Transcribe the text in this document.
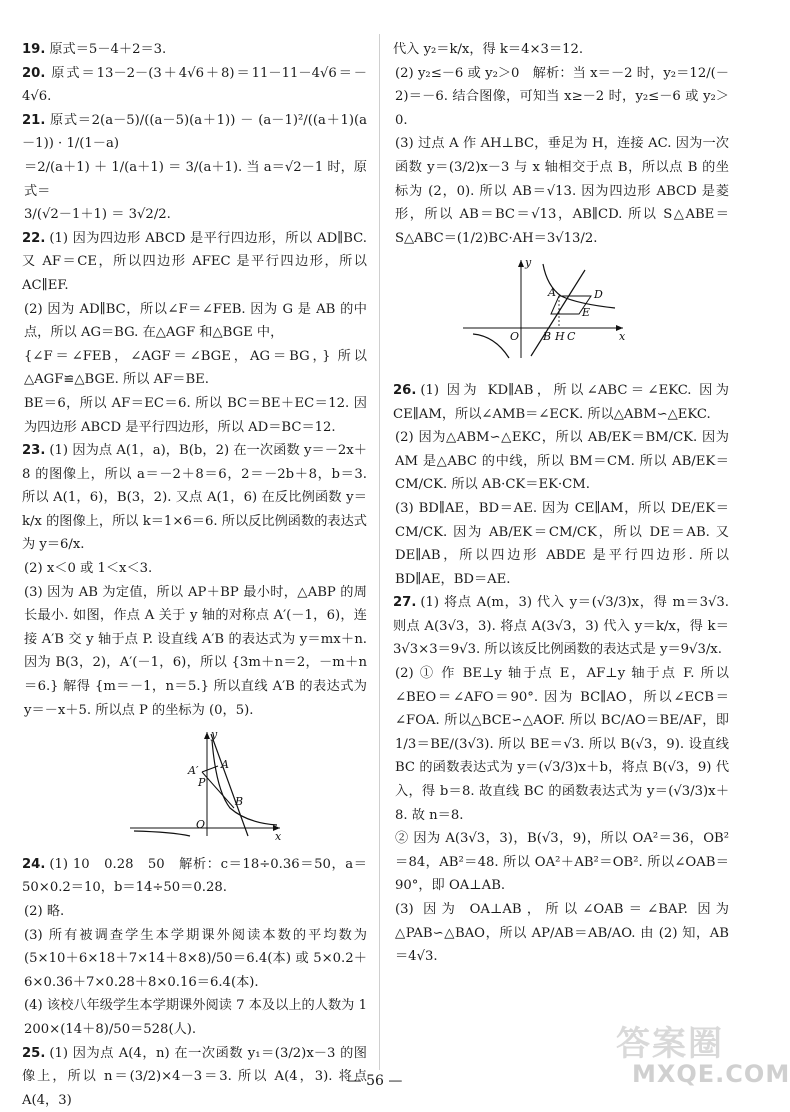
19. 原式＝5－4＋2＝3.
20. 原式＝13－2－(3＋4√6＋8)＝11－11－4√6＝－4√6.
21. 原式＝2(a－5)/((a－5)(a＋1)) － (a－1)²/((a＋1)(a－1)) · 1/(1－a)
＝2/(a＋1) ＋ 1/(a＋1) ＝ 3/(a＋1). 当 a＝√2－1 时，原式＝
3/(√2－1＋1) ＝ 3√2/2.
22. (1) 因为四边形 ABCD 是平行四边形，所以 AD∥BC. 又 AF＝CE，所以四边形 AFEC 是平行四边形，所以 AC∥EF.
(2) 因为 AD∥BC，所以∠F＝∠FEB. 因为 G 是 AB 的中点，所以 AG＝BG. 在△AGF 和△BGE 中，
{∠F＝∠FEB，∠AGF＝∠BGE，AG＝BG，} 所以△AGF≌△BGE. 所以 AF＝BE.
BE＝6，所以 AF＝EC＝6. 所以 BC＝BE＋EC＝12. 因为四边形 ABCD 是平行四边形，所以 AD＝BC＝12.
23. (1) 因为点 A(1，a)，B(b，2) 在一次函数 y＝－2x＋8 的图像上，所以 a＝－2＋8＝6，2＝－2b＋8，b＝3. 所以 A(1，6)，B(3，2). 又点 A(1，6) 在反比例函数 y＝k/x 的图像上，所以 k＝1×6＝6. 所以反比例函数的表达式为 y＝6/x.
(2) x＜0 或 1＜x＜3.
(3) 因为 AB 为定值，所以 AP＋BP 最小时，△ABP 的周长最小. 如图，作点 A 关于 y 轴的对称点 A′(－1，6)，连接 A′B 交 y 轴于点 P. 设直线 A′B 的表达式为 y＝mx＋n. 因为 B(3，2)，A′(－1，6)，所以 {3m＋n＝2，－m＋n＝6.} 解得 {m＝－1，n＝5.} 所以直线 A′B 的表达式为 y＝－x＋5. 所以点 P 的坐标为 (0，5).
y
x
O
A′ A
P
B
24. (1) 10　0.28　50　解析：c＝18÷0.36＝50，a＝50×0.2＝10，b＝14÷50＝0.28.
(2) 略.
(3) 所有被调查学生本学期课外阅读本数的平均数为 (5×10＋6×18＋7×14＋8×8)/50＝6.4(本) 或 5×0.2＋6×0.36＋7×0.28＋8×0.16＝6.4(本).
(4) 该校八年级学生本学期课外阅读 7 本及以上的人数为 1 200×(14＋8)/50＝528(人).
25. (1) 因为点 A(4，n) 在一次函数 y₁＝(3/2)x－3 的图像上，所以 n＝(3/2)×4－3＝3. 所以 A(4，3). 将点 A(4，3)
代入 y₂＝k/x，得 k＝4×3＝12.
(2) y₂≤－6 或 y₂＞0　解析：当 x＝－2 时，y₂＝12/(－2)＝－6. 结合图像，可知当 x≥－2 时，y₂≤－6 或 y₂＞0.
(3) 过点 A 作 AH⊥BC，垂足为 H，连接 AC. 因为一次函数 y＝(3/2)x－3 与 x 轴相交于点 B，所以点 B 的坐标为 (2，0). 所以 AB＝√13. 因为四边形 ABCD 是菱形，所以 AB＝BC＝√13，AB∥CD. 所以 S△ABE＝S△ABC＝(1/2)BC·AH＝3√13/2.
y
x
O
A
B H C
D
E
26. (1) 因为 KD∥AB，所以∠ABC＝∠EKC. 因为 CE∥AM，所以∠AMB＝∠ECK. 所以△ABM∽△EKC.
(2) 因为△ABM∽△EKC，所以 AB/EK＝BM/CK. 因为 AM 是△ABC 的中线，所以 BM＝CM. 所以 AB/EK＝CM/CK. 所以 AB·CK＝EK·CM.
(3) BD∥AE，BD＝AE. 因为 CE∥AM，所以 DE/EK＝CM/CK. 因为 AB/EK＝CM/CK，所以 DE＝AB. 又 DE∥AB，所以四边形 ABDE 是平行四边形. 所以 BD∥AE，BD＝AE.
27. (1) 将点 A(m，3) 代入 y＝(√3/3)x，得 m＝3√3. 则点 A(3√3，3). 将点 A(3√3，3) 代入 y＝k/x，得 k＝3√3×3＝9√3. 所以该反比例函数的表达式是 y＝9√3/x.
(2) ① 作 BE⊥y 轴于点 E，AF⊥y 轴于点 F. 所以∠BEO＝∠AFO＝90°. 因为 BC∥AO，所以∠ECB＝∠FOA. 所以△BCE∽△AOF. 所以 BC/AO＝BE/AF，即 1/3＝BE/(3√3). 所以 BE＝√3. 所以 B(√3，9). 设直线 BC 的函数表达式为 y＝(√3/3)x＋b，将点 B(√3，9) 代入，得 b＝8. 故直线 BC 的函数表达式为 y＝(√3/3)x＋8. 故 n＝8.
② 因为 A(3√3，3)，B(√3，9)，所以 OA²＝36，OB²＝84，AB²＝48. 所以 OA²＋AB²＝OB². 所以∠OAB＝90°，即 OA⊥AB.
(3) 因为 OA⊥AB，所以∠OAB＝∠BAP. 因为△PAB∽△BAO，所以 AP/AB＝AB/AO. 由 (2) 知，AB＝4√3.
— 56 —
答案圈
MXQE.COM
